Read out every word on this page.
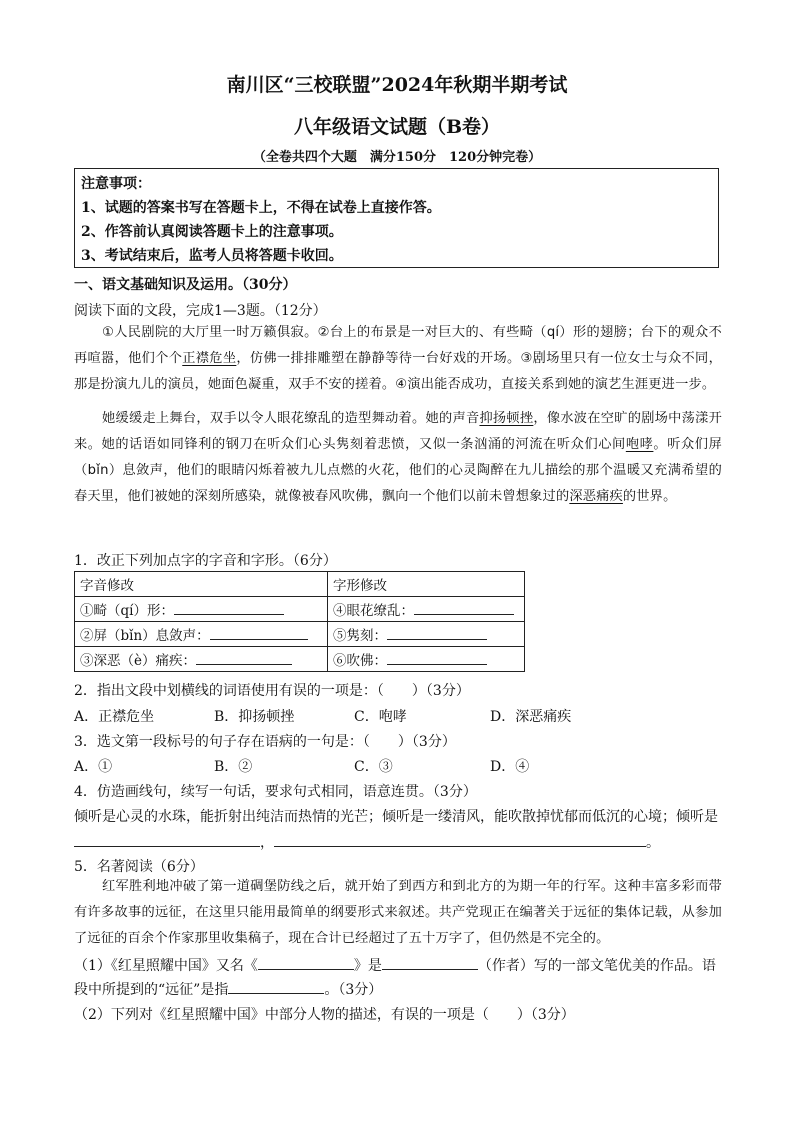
南川区“三校联盟”2024年秋期半期考试
八年级语文试题（B卷）
（全卷共四个大题　满分150分　120分钟完卷）
注意事项：
1、试题的答案书写在答题卡上，不得在试卷上直接作答。
2、作答前认真阅读答题卡上的注意事项。
3、考试结束后，监考人员将答题卡收回。
一、语文基础知识及运用。（30分）
阅读下面的文段，完成1—3题。（12分）

①人民剧院的大厅里一时万籁俱寂。②台上的布景是一对巨大的、有些畸（qí）形的翅膀；台下的观众不再喧嚣，他们个个正襟危坐，仿佛一排排雕塑在静静等待一台好戏的开场。③剧场里只有一位女士与众不同，那是扮演九儿的演员，她面色凝重，双手不安的搓着。④演出能否成功，直接关系到她的演艺生涯更进一步。

她缓缓走上舞台，双手以令人眼花缭乱的造型舞动着。她的声音抑扬顿挫，像水波在空旷的剧场中荡漾开来。她的话语如同锋利的钢刀在听众们心头隽刻着悲愤，又似一条汹涌的河流在听众们心间咆哮。听众们屏（bǐn）息敛声，他们的眼睛闪烁着被九儿点燃的火花，他们的心灵陶醉在九儿描绘的那个温暖又充满希望的春天里，他们被她的深刻所感染，就像被春风吹佛，飘向一个他们以前未曾想象过的深恶痛疾的世界。

1．改正下列加点字的字音和字形。（6分）
字音修改	字形修改
①畸（qí）形：	④眼花缭乱：
②屏（bǐn）息敛声：	⑤隽刻：
③深恶（è）痛疾：	⑥吹佛：
2．指出文段中划横线的词语使用有误的一项是：（　　）（3分）
A．正襟危坐	B．抑扬顿挫	C．咆哮	D．深恶痛疾
3．选文第一段标号的句子存在语病的一句是：（　　）（3分）
A．①	B．②	C．③	D．④
4．仿造画线句，续写一句话，要求句式相同，语意连贯。（3分）
倾听是心灵的水珠，能折射出纯洁而热情的光芒；倾听是一缕清风，能吹散掉忧郁而低沉的心境；倾听是
，	。
5．名著阅读（6分）

红军胜利地冲破了第一道碉堡防线之后，就开始了到西方和到北方的为期一年的行军。这种丰富多彩而带有许多故事的远征，在这里只能用最简单的纲要形式来叙述。共产党现正在编著关于远征的集体记载，从参加了远征的百余个作家那里收集稿子，现在合计已经超过了五十万字了，但仍然是不完全的。

（1）《红星照耀中国》又名《	》是	（作者）写的一部文笔优美的作品。语
段中所提到的“远征”是指	。（3分）
（2）下列对《红星照耀中国》中部分人物的描述，有误的一项是（　　）（3分）
